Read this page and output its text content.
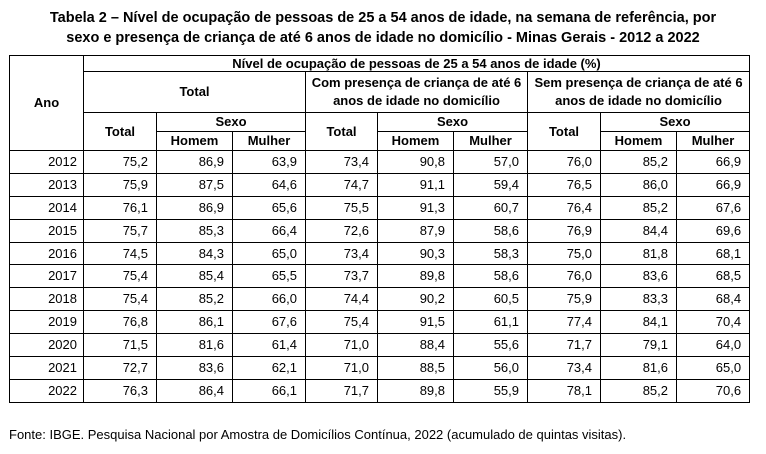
Tabela 2 – Nível de ocupação de pessoas de 25 a 54 anos de idade, na semana de referência, por
sexo e presença de criança de até 6 anos de idade no domicílio - Minas Gerais - 2012 a 2022
Ano	Nível de ocupação de pessoas de 25 a 54 anos de idade (%)								
	Total			Com presença de criança de até 6 anos de idade no domicílio			Sem presença de criança de até 6 anos de idade no domicílio		
	Total	Sexo		Total	Sexo		Total	Sexo	
		Homem	Mulher		Homem	Mulher		Homem	Mulher
2012	75,2	86,9	63,9	73,4	90,8	57,0	76,0	85,2	66,9
2013	75,9	87,5	64,6	74,7	91,1	59,4	76,5	86,0	66,9
2014	76,1	86,9	65,6	75,5	91,3	60,7	76,4	85,2	67,6
2015	75,7	85,3	66,4	72,6	87,9	58,6	76,9	84,4	69,6
2016	74,5	84,3	65,0	73,4	90,3	58,3	75,0	81,8	68,1
2017	75,4	85,4	65,5	73,7	89,8	58,6	76,0	83,6	68,5
2018	75,4	85,2	66,0	74,4	90,2	60,5	75,9	83,3	68,4
2019	76,8	86,1	67,6	75,4	91,5	61,1	77,4	84,1	70,4
2020	71,5	81,6	61,4	71,0	88,4	55,6	71,7	79,1	64,0
2021	72,7	83,6	62,1	71,0	88,5	56,0	73,4	81,6	65,0
2022	76,3	86,4	66,1	71,7	89,8	55,9	78,1	85,2	70,6
Fonte: IBGE. Pesquisa Nacional por Amostra de Domicílios Contínua, 2022 (acumulado de quintas visitas).
